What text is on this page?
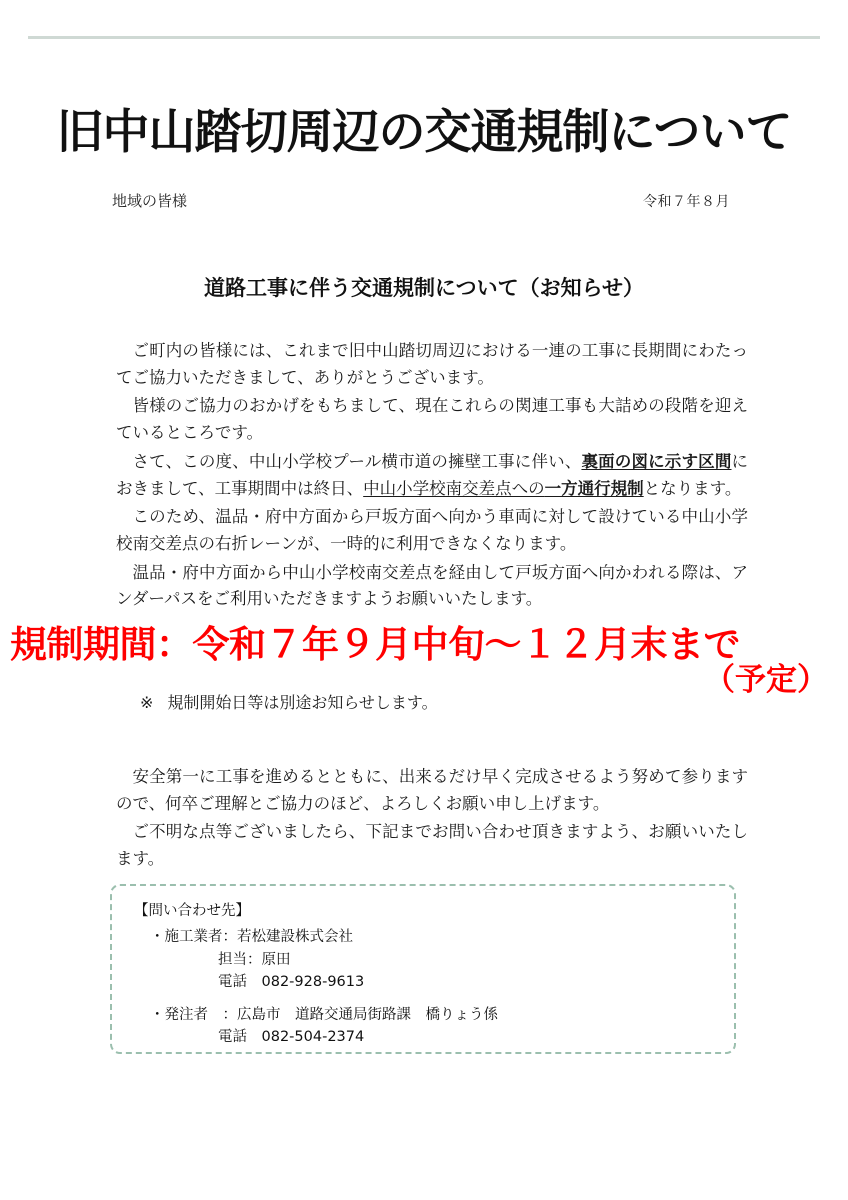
旧中山踏切周辺の交通規制について
地域の皆様	令和７年８月
道路工事に伴う交通規制について（お知らせ）

ご町内の皆様には、これまで旧中山踏切周辺における一連の工事に長期間にわたってご協力いただきまして、ありがとうございます。

皆様のご協力のおかげをもちまして、現在これらの関連工事も大詰めの段階を迎えているところです。

さて、この度、中山小学校プール横市道の擁壁工事に伴い、裏面の図に示す区間におきまして、工事期間中は終日、中山小学校南交差点への一方通行規制となります。

このため、温品・府中方面から戸坂方面へ向かう車両に対して設けている中山小学校南交差点の右折レーンが、一時的に利用できなくなります。

温品・府中方面から中山小学校南交差点を経由して戸坂方面へ向かわれる際は、アンダーパスをご利用いただきますようお願いいたします。

規制期間：令和７年９月中旬～１２月末まで
（予定）
※ 規制開始日等は別途お知らせします。

安全第一に工事を進めるとともに、出来るだけ早く完成させるよう努めて参りますので、何卒ご理解とご協力のほど、よろしくお願い申し上げます。

ご不明な点等ございましたら、下記までお問い合わせ頂きますよう、お願いいたします。

【問い合わせ先】
・施工業者：若松建設株式会社
担当：原田
電話　 082-928-9613
・発注者　：広島市　道路交通局街路課　橋りょう係
電話　 082-504-2374
